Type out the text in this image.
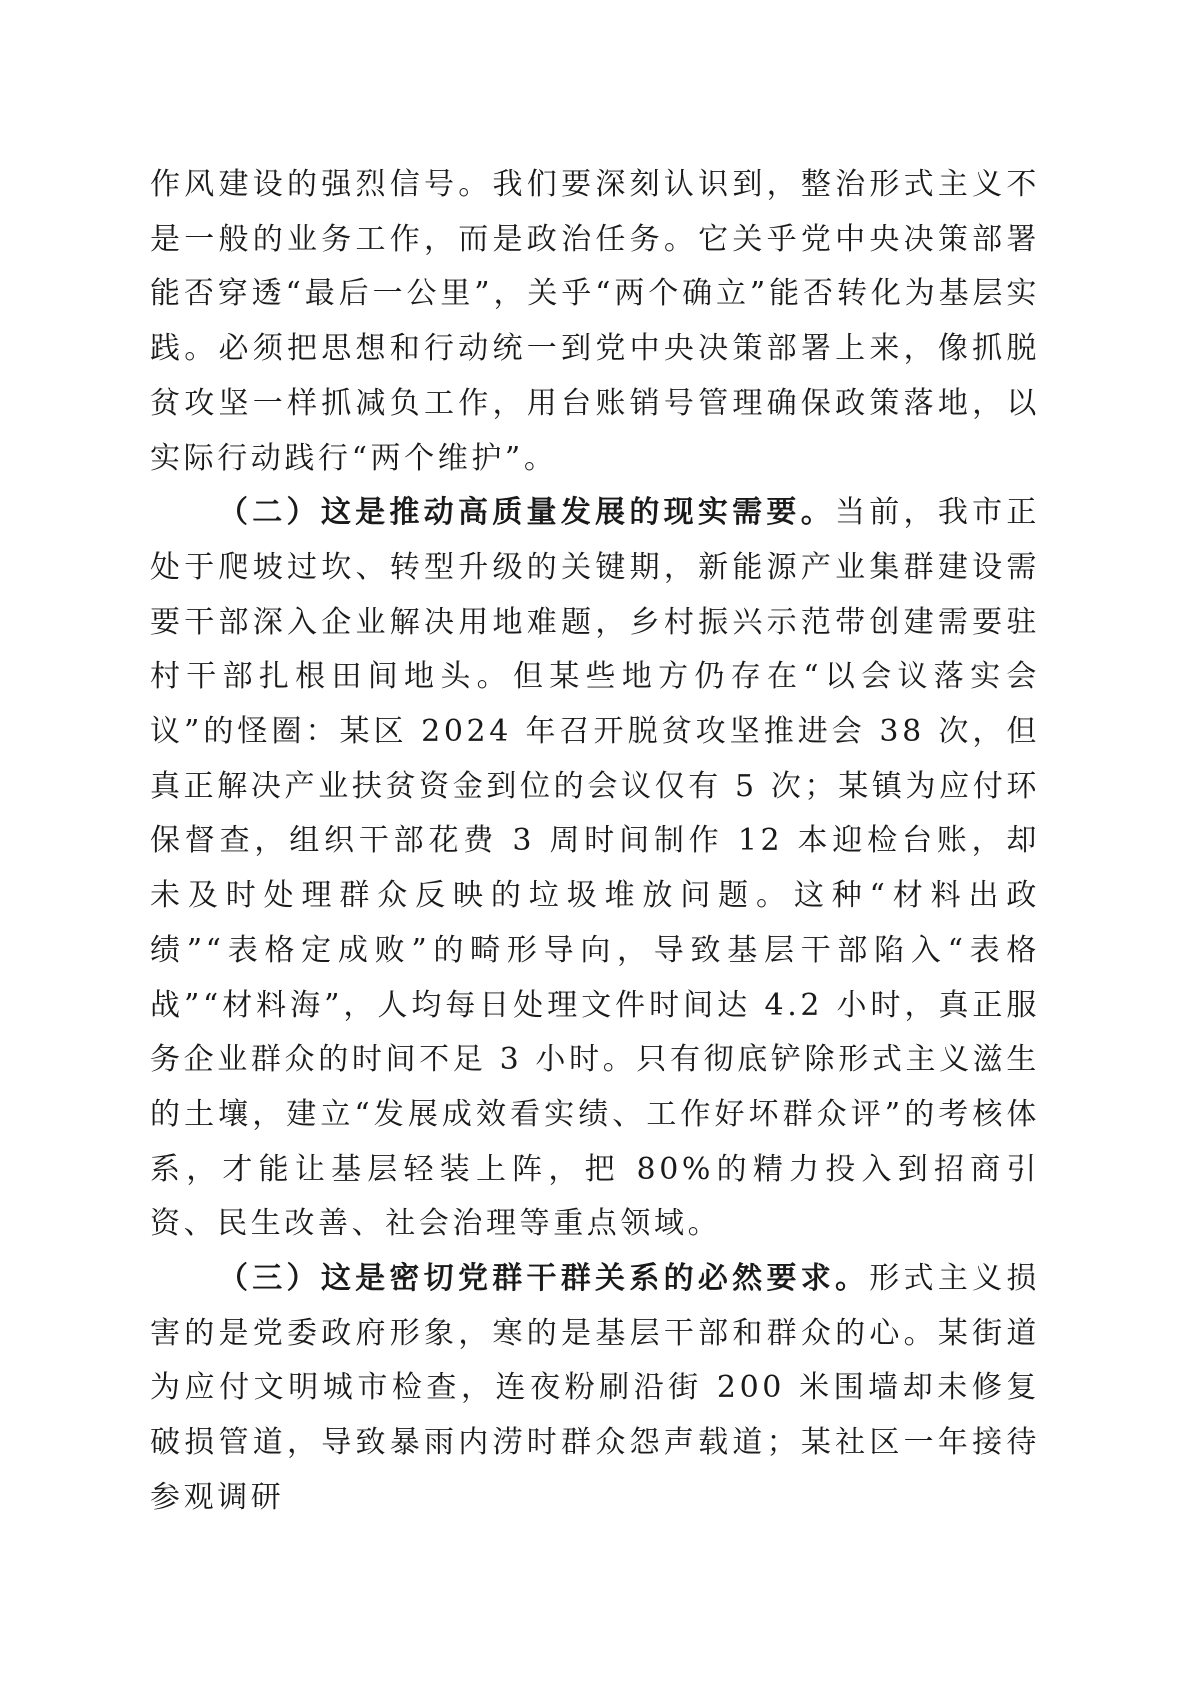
作风建设的强烈信号。我们要深刻认识到，整治形式主义不是一般的业务工作，而是政治任务。它关乎党中央决策部署能否穿透“最后一公里”，关乎“两个确立”能否转化为基层实践。必须把思想和行动统一到党中央决策部署上来，像抓脱贫攻坚一样抓减负工作，用台账销号管理确保政策落地，以实际行动践行“两个维护”。

（二）这是推动高质量发展的现实需要。当前，我市正处于爬坡过坎、转型升级的关键期，新能源产业集群建设需要干部深入企业解决用地难题，乡村振兴示范带创建需要驻村干部扎根田间地头。但某些地方仍存在“以会议落实会议”的怪圈：某区 2024 年召开脱贫攻坚推进会 38 次，但真正解决产业扶贫资金到位的会议仅有 5 次；某镇为应付环保督查，组织干部花费 3 周时间制作 12 本迎检台账，却未及时处理群众反映的垃圾堆放问题。这种“材料出政绩”“表格定成败”的畸形导向，导致基层干部陷入“表格战”“材料海”，人均每日处理文件时间达 4.2 小时，真正服务企业群众的时间不足 3 小时。只有彻底铲除形式主义滋生的土壤，建立“发展成效看实绩、工作好坏群众评”的考核体系，才能让基层轻装上阵，把 80%的精力投入到招商引资、民生改善、社会治理等重点领域。

（三）这是密切党群干群关系的必然要求。形式主义损害的是党委政府形象，寒的是基层干部和群众的心。某街道为应付文明城市检查，连夜粉刷沿街 200 米围墙却未修复破损管道，导致暴雨内涝时群众怨声载道；某社区一年接待参观调研
